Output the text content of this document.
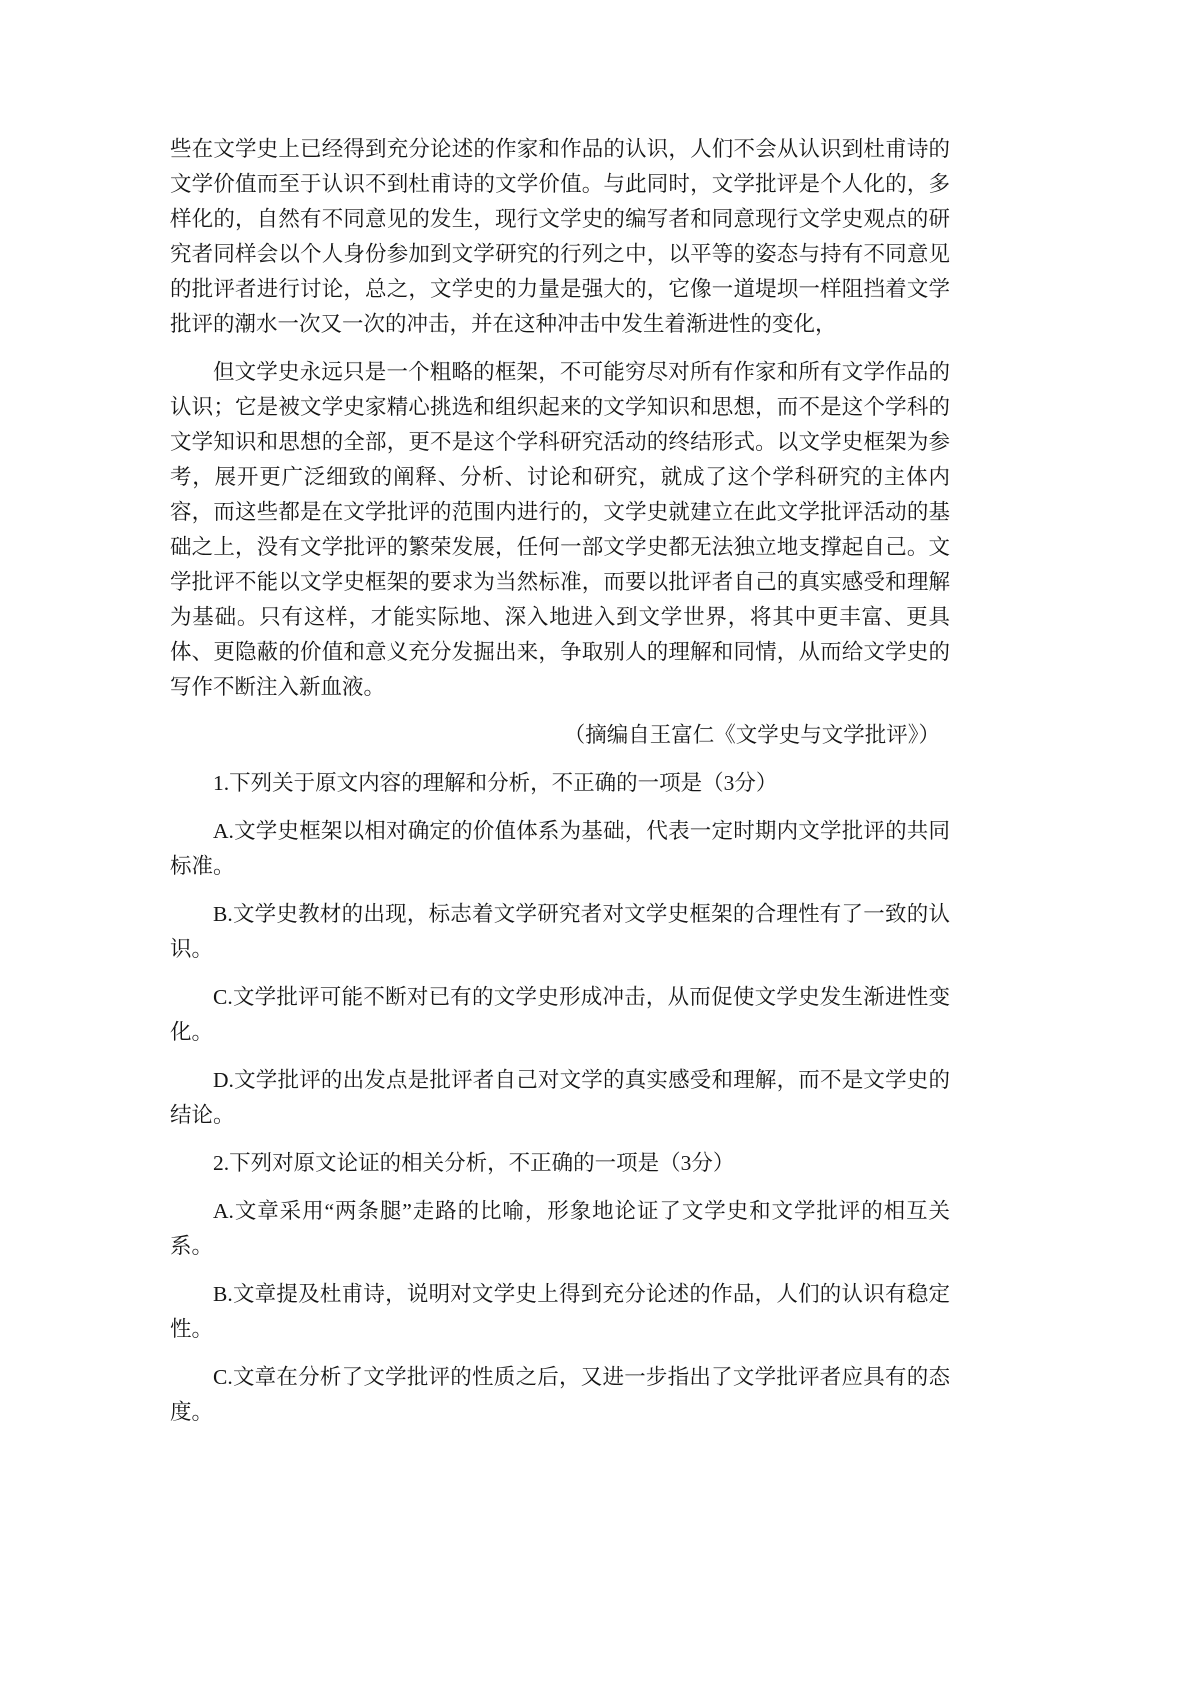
些在文学史上已经得到充分论述的作家和作品的认识，人们不会从认识到杜甫诗的文学价值而至于认识不到杜甫诗的文学价值。与此同时，文学批评是个人化的，多样化的，自然有不同意见的发生，现行文学史的编写者和同意现行文学史观点的研究者同样会以个人身份参加到文学研究的行列之中，以平等的姿态与持有不同意见的批评者进行讨论，总之，文学史的力量是强大的，它像一道堤坝一样阻挡着文学批评的潮水一次又一次的冲击，并在这种冲击中发生着渐进性的变化，

但文学史永远只是一个粗略的框架，不可能穷尽对所有作家和所有文学作品的认识；它是被文学史家精心挑选和组织起来的文学知识和思想，而不是这个学科的文学知识和思想的全部，更不是这个学科研究活动的终结形式。以文学史框架为参考，展开更广泛细致的阐释、分析、讨论和研究，就成了这个学科研究的主体内容，而这些都是在文学批评的范围内进行的，文学史就建立在此文学批评活动的基础之上，没有文学批评的繁荣发展，任何一部文学史都无法独立地支撑起自己。文学批评不能以文学史框架的要求为当然标准，而要以批评者自己的真实感受和理解为基础。只有这样，才能实际地、深入地进入到文学世界，将其中更丰富、更具体、更隐蔽的价值和意义充分发掘出来，争取别人的理解和同情，从而给文学史的写作不断注入新血液。

（摘编自王富仁《文学史与文学批评》）

1.下列关于原文内容的理解和分析，不正确的一项是（3分）

A.文学史框架以相对确定的价值体系为基础，代表一定时期内文学批评的共同标准。

B.文学史教材的出现，标志着文学研究者对文学史框架的合理性有了一致的认识。

C.文学批评可能不断对已有的文学史形成冲击，从而促使文学史发生渐进性变化。

D.文学批评的出发点是批评者自己对文学的真实感受和理解，而不是文学史的结论。

2.下列对原文论证的相关分析，不正确的一项是（3分）

A.文章采用“两条腿”走路的比喻，形象地论证了文学史和文学批评的相互关系。

B.文章提及杜甫诗，说明对文学史上得到充分论述的作品，人们的认识有稳定性。

C.文章在分析了文学批评的性质之后，又进一步指出了文学批评者应具有的态度。
